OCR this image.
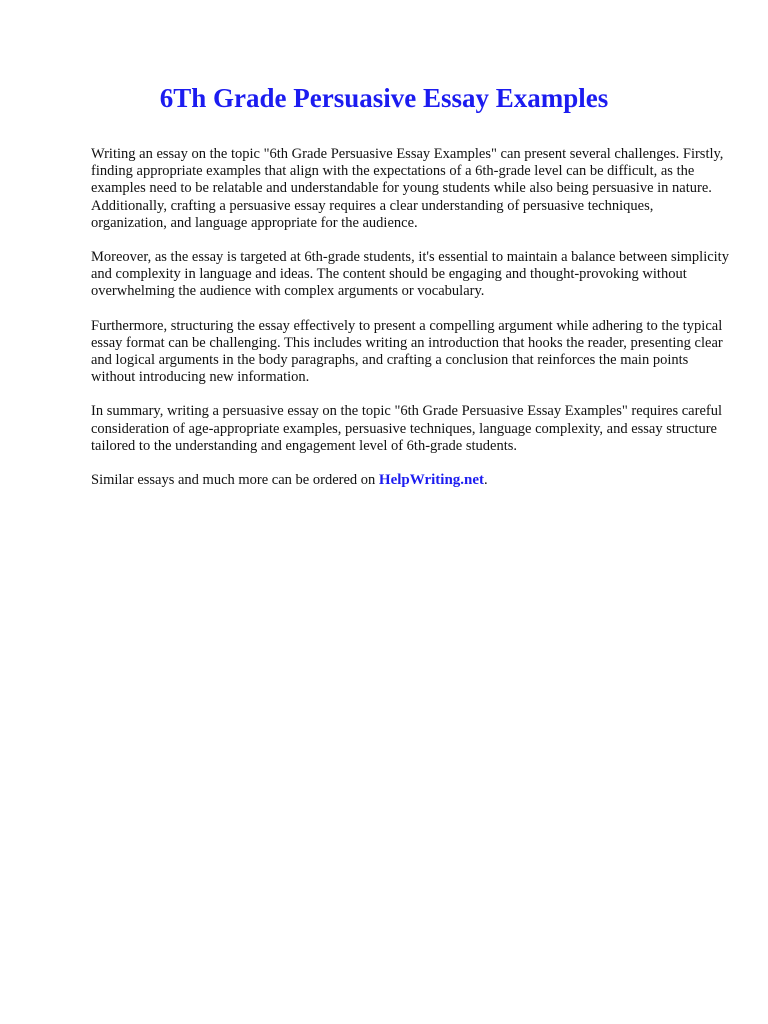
6Th Grade Persuasive Essay Examples

Writing an essay on the topic "6th Grade Persuasive Essay Examples" can present several challenges. Firstly, finding appropriate examples that align with the expectations of a 6th-grade level can be difficult, as the examples need to be relatable and understandable for young students while also being persuasive in nature. Additionally, crafting a persuasive essay requires a clear understanding of persuasive techniques, organization, and language appropriate for the audience.

Moreover, as the essay is targeted at 6th-grade students, it's essential to maintain a balance between simplicity and complexity in language and ideas. The content should be engaging and thought-provoking without overwhelming the audience with complex arguments or vocabulary.

Furthermore, structuring the essay effectively to present a compelling argument while adhering to the typical essay format can be challenging. This includes writing an introduction that hooks the reader, presenting clear and logical arguments in the body paragraphs, and crafting a conclusion that reinforces the main points without introducing new information.

In summary, writing a persuasive essay on the topic "6th Grade Persuasive Essay Examples" requires careful consideration of age-appropriate examples, persuasive techniques, language complexity, and essay structure tailored to the understanding and engagement level of 6th-grade students.

Similar essays and much more can be ordered on HelpWriting.net.
